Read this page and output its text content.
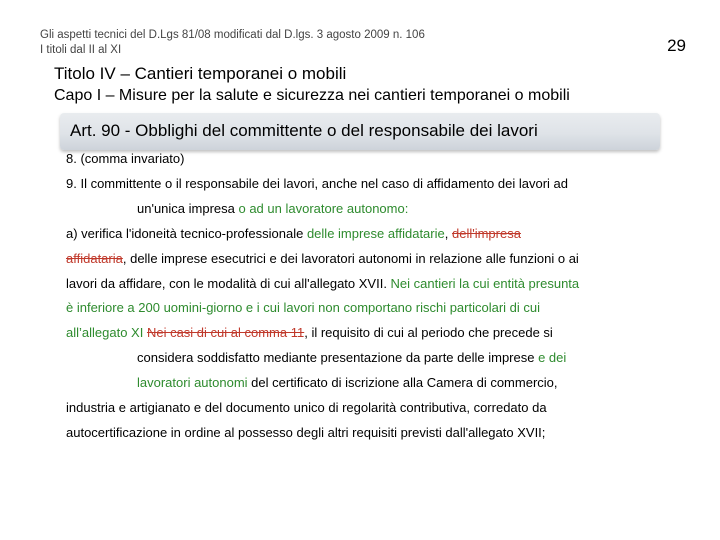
Gli aspetti tecnici del D.Lgs 81/08 modificati dal D.lgs. 3 agosto 2009 n. 106
I titoli dal II al XI	29
Titolo IV – Cantieri temporanei o mobili
Capo I – Misure per la salute e sicurezza nei cantieri temporanei o mobili
Art. 90 - Obblighi del committente o del responsabile dei lavori
8. (comma invariato)
9. Il committente o il responsabile dei lavori, anche nel caso di affidamento dei lavori ad
un'unica impresa o ad un lavoratore autonomo:
a) verifica l'idoneità tecnico-professionale delle imprese affidatarie, dell'impresa
affidataria, delle imprese esecutrici e dei lavoratori autonomi in relazione alle funzioni o ai
lavori da affidare, con le modalità di cui all'allegato XVII. Nei cantieri la cui entità presunta
è inferiore a 200 uomini-giorno e i cui lavori non comportano rischi particolari di cui
all’allegato XI Nei casi di cui al comma 11, il requisito di cui al periodo che precede si
considera soddisfatto mediante presentazione da parte delle imprese e dei
lavoratori autonomi del certificato di iscrizione alla Camera di commercio,
industria e artigianato e del documento unico di regolarità contributiva, corredato da
autocertificazione in ordine al possesso degli altri requisiti previsti dall'allegato XVII;
